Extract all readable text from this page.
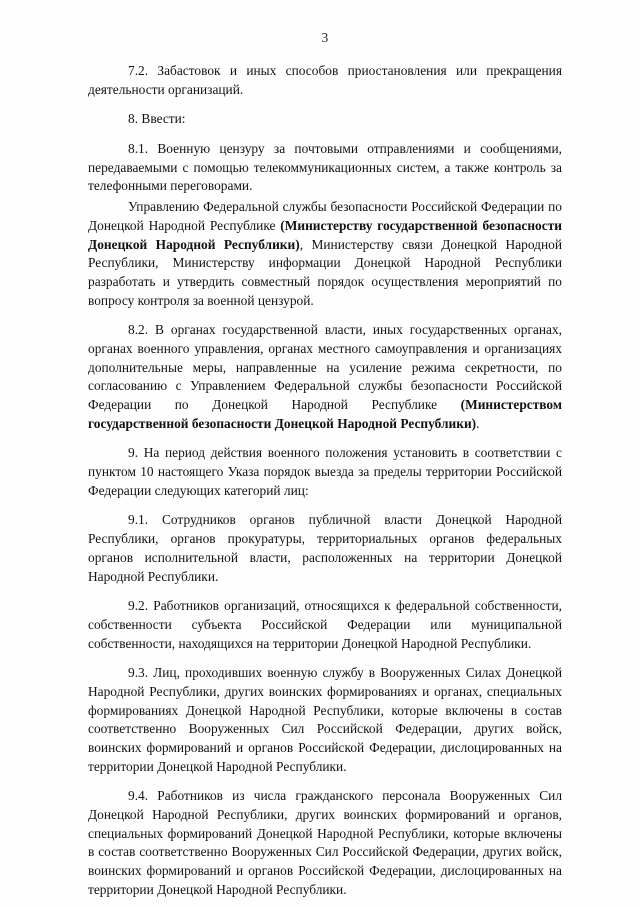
3

7.2. Забастовок и иных способов приостановления или прекращения деятельности организаций.

8. Ввести:

8.1. Военную цензуру за почтовыми отправлениями и сообщениями, передаваемыми с помощью телекоммуникационных систем, а также контроль за телефонными переговорами.

Управлению Федеральной службы безопасности Российской Федерации по Донецкой Народной Республике (Министерству государственной безопасности Донецкой Народной Республики), Министерству связи Донецкой Народной Республики, Министерству информации Донецкой Народной Республики разработать и утвердить совместный порядок осуществления мероприятий по вопросу контроля за военной цензурой.

8.2. В органах государственной власти, иных государственных органах, органах военного управления, органах местного самоуправления и организациях дополнительные меры, направленные на усиление режима секретности, по согласованию с Управлением Федеральной службы безопасности Российской Федерации по Донецкой Народной Республике (Министерством государственной безопасности Донецкой Народной Республики).

9. На период действия военного положения установить в соответствии с пунктом 10 настоящего Указа порядок выезда за пределы территории Российской Федерации следующих категорий лиц:

9.1. Сотрудников органов публичной власти Донецкой Народной Республики, органов прокуратуры, территориальных органов федеральных органов исполнительной власти, расположенных на территории Донецкой Народной Республики.

9.2. Работников организаций, относящихся к федеральной собственности, собственности субъекта Российской Федерации или муниципальной собственности, находящихся на территории Донецкой Народной Республики.

9.3. Лиц, проходивших военную службу в Вооруженных Силах Донецкой Народной Республики, других воинских формированиях и органах, специальных формированиях Донецкой Народной Республики, которые включены в состав соответственно Вооруженных Сил Российской Федерации, других войск, воинских формирований и органов Российской Федерации, дислоцированных на территории Донецкой Народной Республики.

9.4. Работников из числа гражданского персонала Вооруженных Сил Донецкой Народной Республики, других воинских формирований и органов, специальных формирований Донецкой Народной Республики, которые включены в состав соответственно Вооруженных Сил Российской Федерации, других войск, воинских формирований и органов Российской Федерации, дислоцированных на территории Донецкой Народной Республики.
